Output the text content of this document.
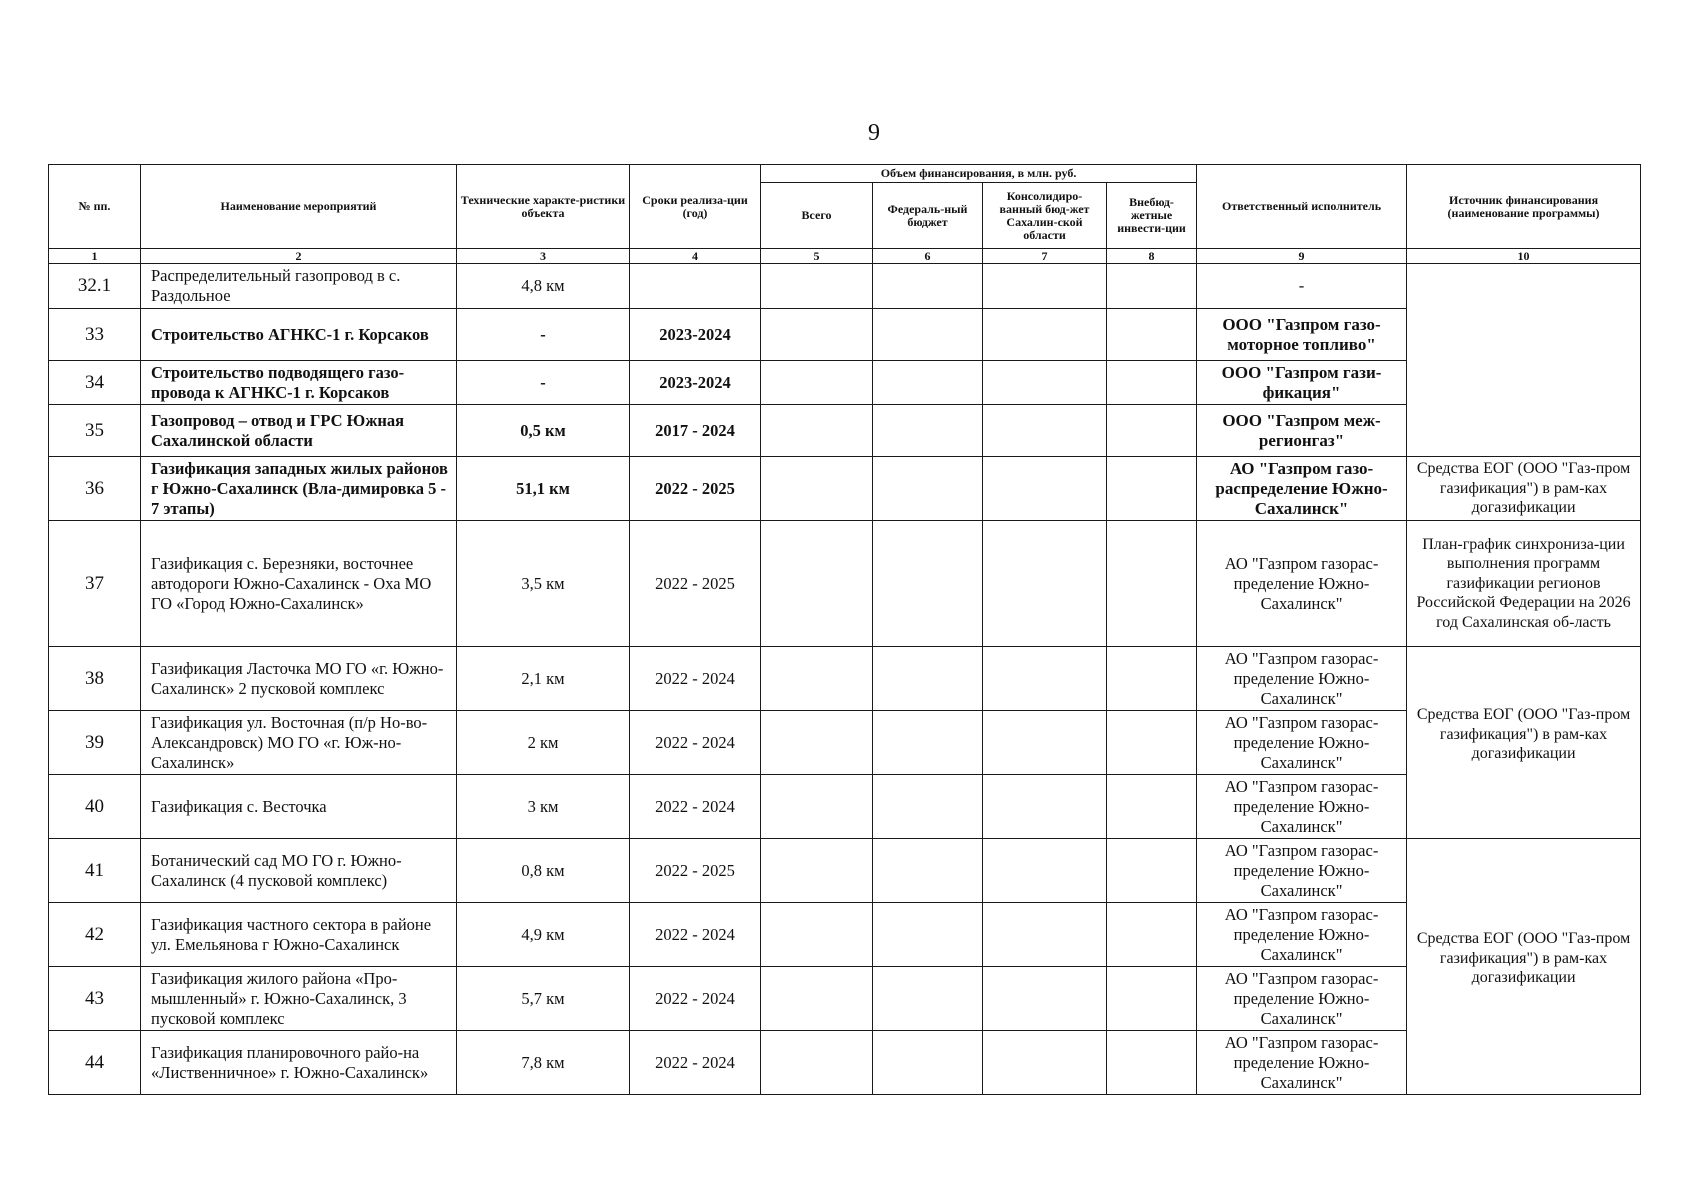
9
№ пп.	Наименование мероприятий	Технические характе-ристики объекта	Сроки реализа-ции (год)	Объем финансирования, в млн. руб.				Ответственный исполнитель	Источник финансирования (наименование программы)
				Всего	Федераль-ный бюджет	Консолидиро-ванный бюд-жет Сахалин-ской области	Внебюд-жетные инвести-ции		
1	2	3	4	5	6	7	8	9	10
32.1	Распределительный газопровод в с. Раздольное	4,8 км						-	
33	Строительство АГНКС-1 г. Корсаков	-	2023-2024					ООО "Газпром газо-моторное топливо"	
34	Строительство подводящего газо-провода к АГНКС-1 г. Корсаков	-	2023-2024					ООО "Газпром гази-фикация"	
35	Газопровод – отвод и ГРС Южная Сахалинской области	0,5 км	2017 - 2024					ООО "Газпром меж-регионгаз"	
36	Газификация западных жилых районов г Южно-Сахалинск (Вла-димировка 5 - 7 этапы)	51,1 км	2022 - 2025					АО "Газпром газо-распределение Южно-Сахалинск"	Средства ЕОГ (ООО "Газ-пром газификация") в рам-ках догазификации
37	Газификация с. Березняки, восточнее автодороги Южно-Сахалинск - Оха МО ГО «Город Южно-Сахалинск»	3,5 км	2022 - 2025					АО "Газпром газорас-пределение Южно-Сахалинск"	План-график синхрониза-ции выполнения программ газификации регионов Российской Федерации на 2026 год Сахалинская об-ласть
38	Газификация Ласточка МО ГО «г. Южно-Сахалинск» 2 пусковой комплекс	2,1 км	2022 - 2024					АО "Газпром газорас-пределение Южно-Сахалинск"	Средства ЕОГ (ООО "Газ-пром газификация") в рам-ках догазификации
39	Газификация ул. Восточная (п/р Но-во-Александровск) МО ГО «г. Юж-но-Сахалинск»	2 км	2022 - 2024					АО "Газпром газорас-пределение Южно-Сахалинск"	
40	Газификация с. Весточка	3 км	2022 - 2024					АО "Газпром газорас-пределение Южно-Сахалинск"	
41	Ботанический сад МО ГО г. Южно-Сахалинск (4 пусковой комплекс)	0,8 км	2022 - 2025					АО "Газпром газорас-пределение Южно-Сахалинск"	Средства ЕОГ (ООО "Газ-пром газификация") в рам-ках догазификации
42	Газификация частного сектора в районе ул. Емельянова г Южно-Сахалинск	4,9 км	2022 - 2024					АО "Газпром газорас-пределение Южно-Сахалинск"	
43	Газификация жилого района «Про-мышленный» г. Южно-Сахалинск, 3 пусковой комплекс	5,7 км	2022 - 2024					АО "Газпром газорас-пределение Южно-Сахалинск"	
44	Газификация планировочного райо-на «Лиственничное» г. Южно-Сахалинск»	7,8 км	2022 - 2024					АО "Газпром газорас-пределение Южно-Сахалинск"	
